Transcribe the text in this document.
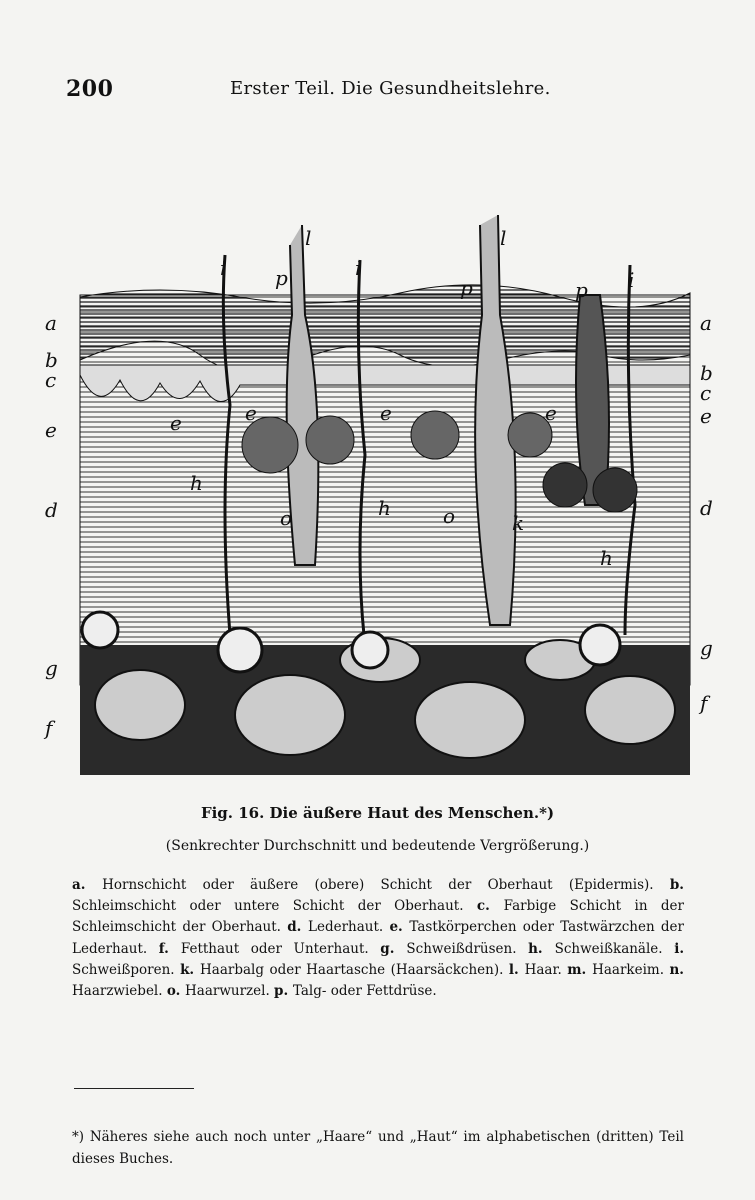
200	Erster Teil. Die Gesundheitslehre.
a
b
c
e
d
g
f
a
b
c
e
d
g
f
i p
l
i
p
l
p i
e	e	e	e
h
h
h
o	o	k
Fig. 16. Die äußere Haut des Menschen.*)
(Senkrechter Durchschnitt und bedeutende Vergrößerung.)
a. Hornschicht oder äußere (obere) Schicht der Oberhaut (Epidermis). b. Schleimschicht oder untere Schicht der Oberhaut. c. Farbige Schicht in der Schleimschicht der Oberhaut. d. Lederhaut. e. Tastkörperchen oder Tastwärzchen der Lederhaut. f. Fetthaut oder Unterhaut. g. Schweißdrüsen. h. Schweißkanäle. i. Schweißporen. k. Haarbalg oder Haartasche (Haarsäckchen). l. Haar. m. Haarkeim. n. Haarzwiebel. o. Haarwurzel. p. Talg- oder Fettdrüse.
*) Näheres siehe auch noch unter „Haare“ und „Haut“ im alphabetischen (dritten) Teil dieses Buches.
